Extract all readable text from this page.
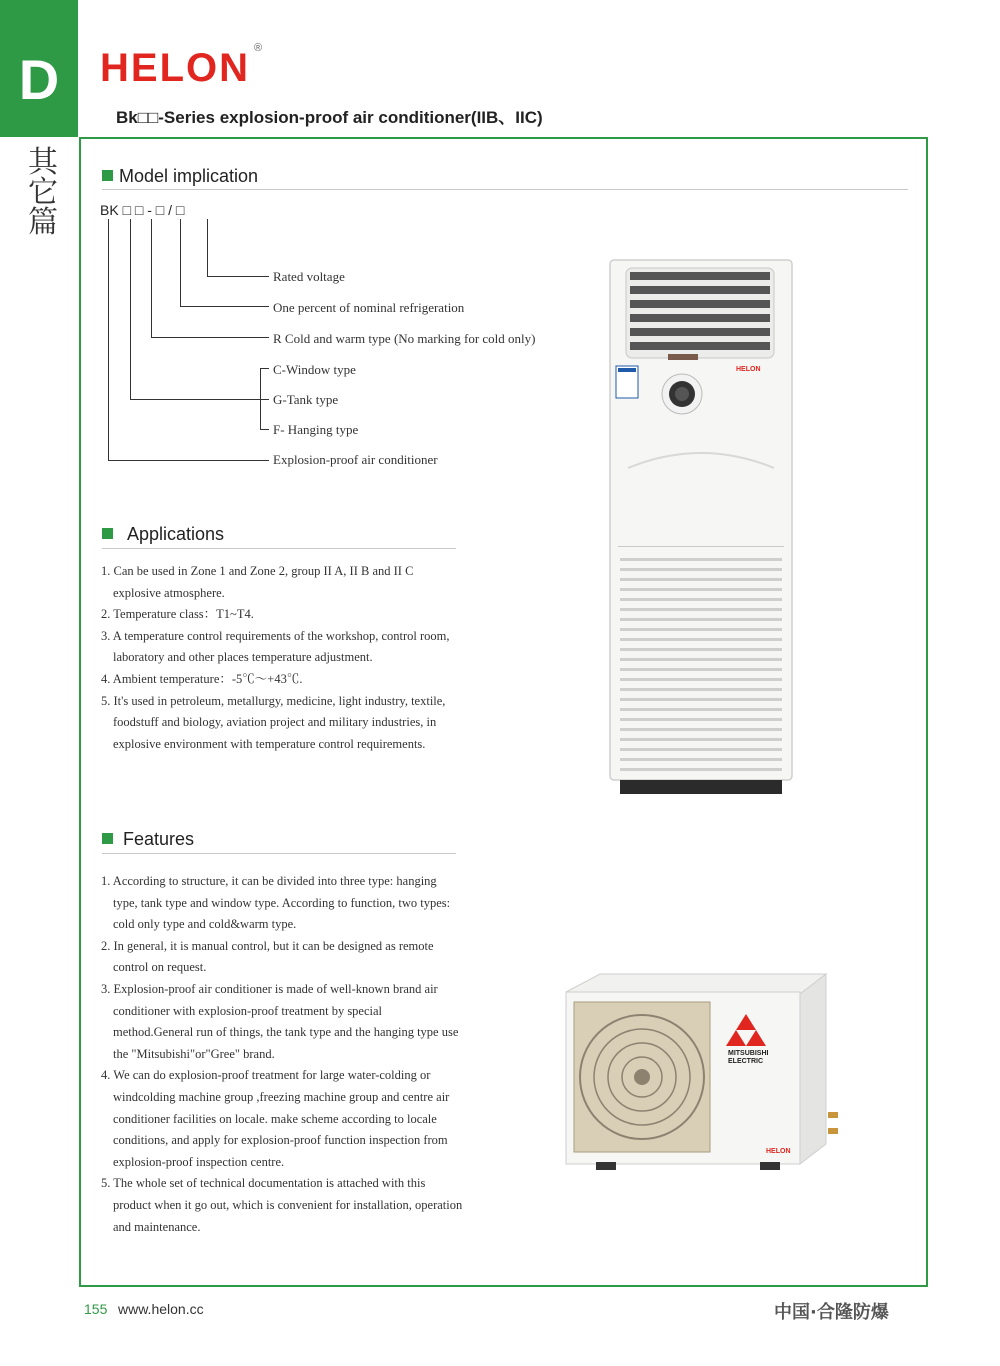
D
其它篇
HELON ®
Bk□□-Series explosion-proof air conditioner(IIB、IIC)
Model implication
BK □ □ - □ / □
Rated voltage
One percent of nominal refrigeration
R Cold and warm type (No marking for cold only)
C-Window type
G-Tank type
F- Hanging type
Explosion-proof air conditioner
Applications
1. Can be used in Zone 1 and Zone 2, group II A, II B and II C explosive atmosphere.
2. Temperature class：T1~T4.
3. A temperature control requirements of the workshop, control room, laboratory and other places temperature adjustment.
4. Ambient temperature：-5℃～+43℃.
5. It's used in petroleum, metallurgy, medicine, light industry, textile, foodstuff and biology, aviation project and military industries, in explosive environment with temperature control requirements.
Features
1. According to structure, it can be divided into three type: hanging type, tank type and window type. According to function, two types: cold only type and cold&warm type.
2. In general, it is manual control, but it can be designed as remote control on request.
3. Explosion-proof air conditioner is made of well-known brand air conditioner with explosion-proof treatment by special method.General run of things, the tank type and the hanging type use the "Mitsubishi"or"Gree" brand.
4. We can do explosion-proof treatment for large water-colding or windcolding machine group ,freezing machine group and centre air conditioner facilities on locale. make scheme according to locale conditions, and apply for explosion-proof function inspection from explosion-proof inspection centre.
5. The whole set of technical documentation is attached with this product when it go out, which is convenient for installation, operation and maintenance.
HELON
MITSUBISHI ELECTRIC
HELON
155 www.helon.cc	中国·合隆防爆
